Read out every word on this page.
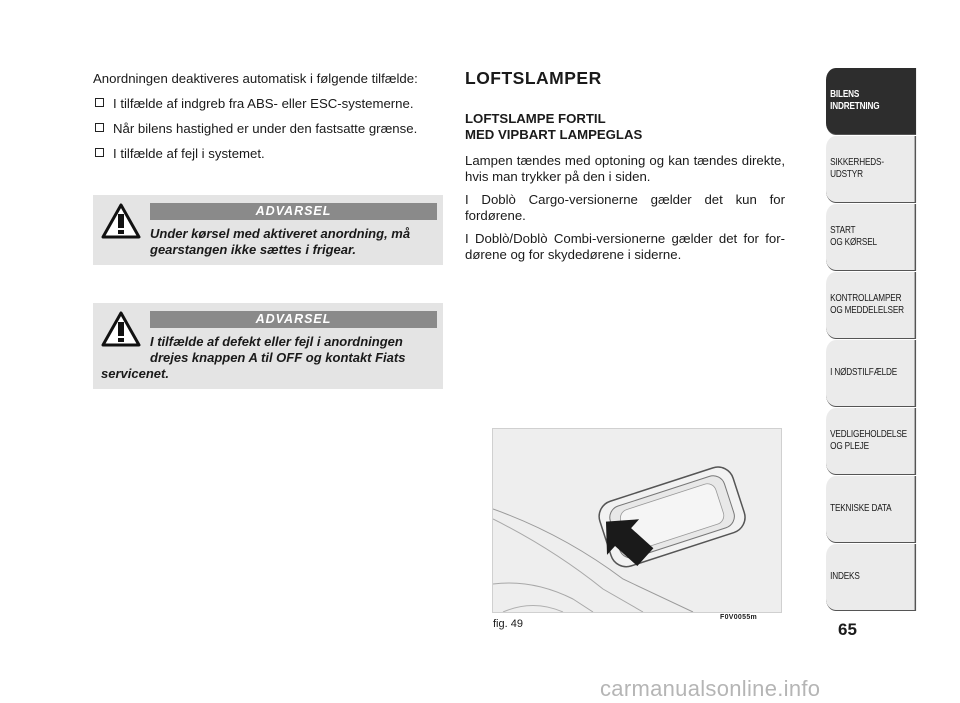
Anordningen deaktiveres automatisk i følgende tilfælde:

I tilfælde af indgreb fra ABS- eller ESC-systemerne.
Når bilens hastighed er under den fastsatte grænse.
I tilfælde af fejl i systemet.
ADVARSEL
Under kørsel med aktiveret anordning, må gearstangen ikke sættes i frigear.
ADVARSEL
I tilfælde af defekt eller fejl i anordningen
drejes knappen A til OFF og kontakt Fiats
servicenet.
LOFTSLAMPER
LOFTSLAMPE FORTIL
MED VIPBART LAMPEGLAS

Lampen tændes med optoning og kan tændes direkte, hvis man trykker på den i siden.

I Doblò Cargo-versionerne gælder det kun for fordørene.

I Doblò/Doblò Combi-versionerne gælder det for for-dørene og for skydedørene i siderne.

fig. 49
F0V0055m
BILENS
INDRETNING
SIKKERHEDS-
UDSTYR
START
OG KØRSEL
KONTROLLAMPER
OG MEDDELELSER
I NØDSTILFÆLDE
VEDLIGEHOLDELSE
OG PLEJE
TEKNISKE DATA
INDEKS
65
carmanualsonline.info
